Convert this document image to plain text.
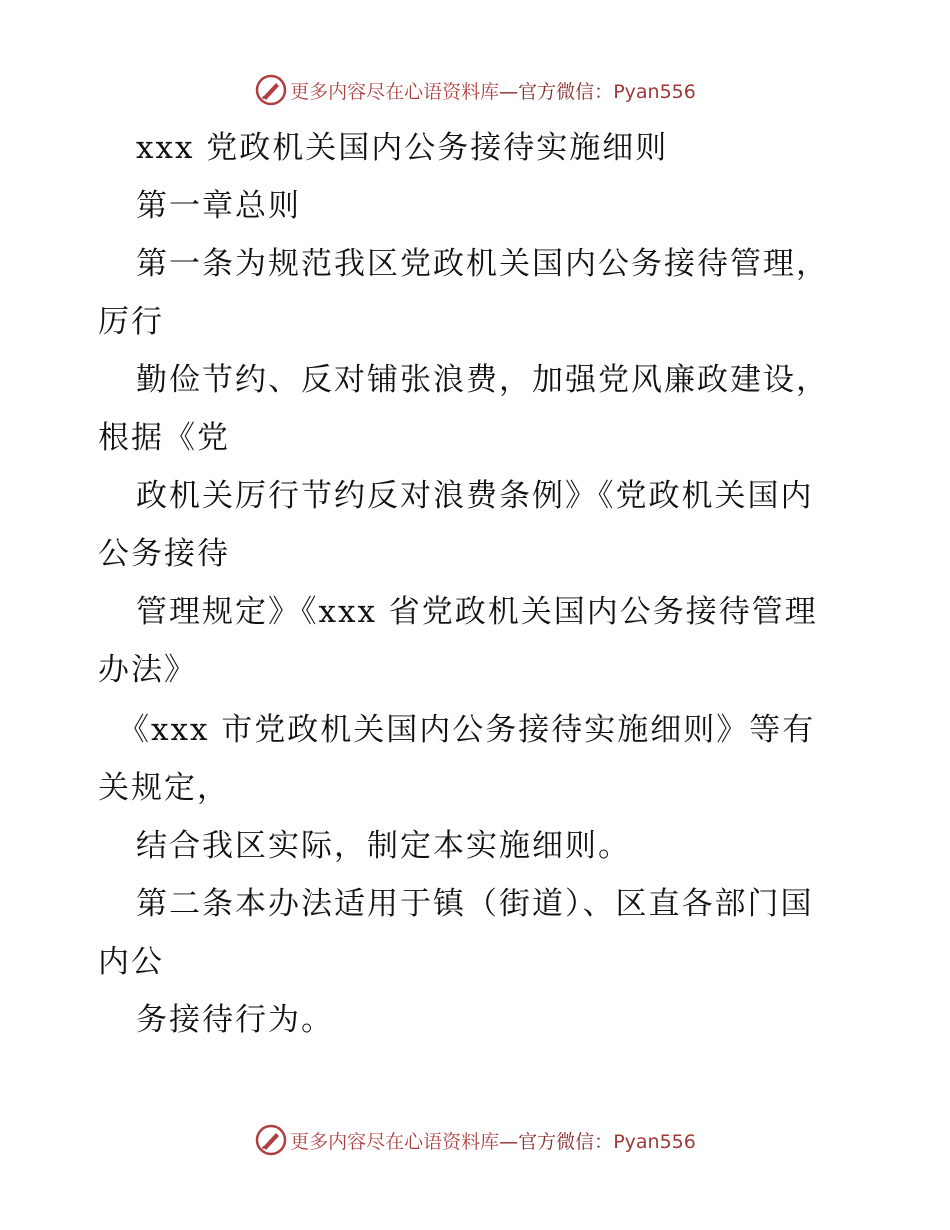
更多内容尽在心语资料库—官方微信：Pyan556
xxx 党政机关国内公务接待实施细则
第一章总则
第一条为规范我区党政机关国内公务接待管理，
厉行
勤俭节约、反对铺张浪费，加强党风廉政建设，
根据《党
政机关厉行节约反对浪费条例》《党政机关国内
公务接待
管理规定》《xxx 省党政机关国内公务接待管理
办法》
《xxx 市党政机关国内公务接待实施细则》等有
关规定，
结合我区实际，制定本实施细则。
第二条本办法适用于镇（街道）、区直各部门国
内公
务接待行为。
更多内容尽在心语资料库—官方微信：Pyan556
